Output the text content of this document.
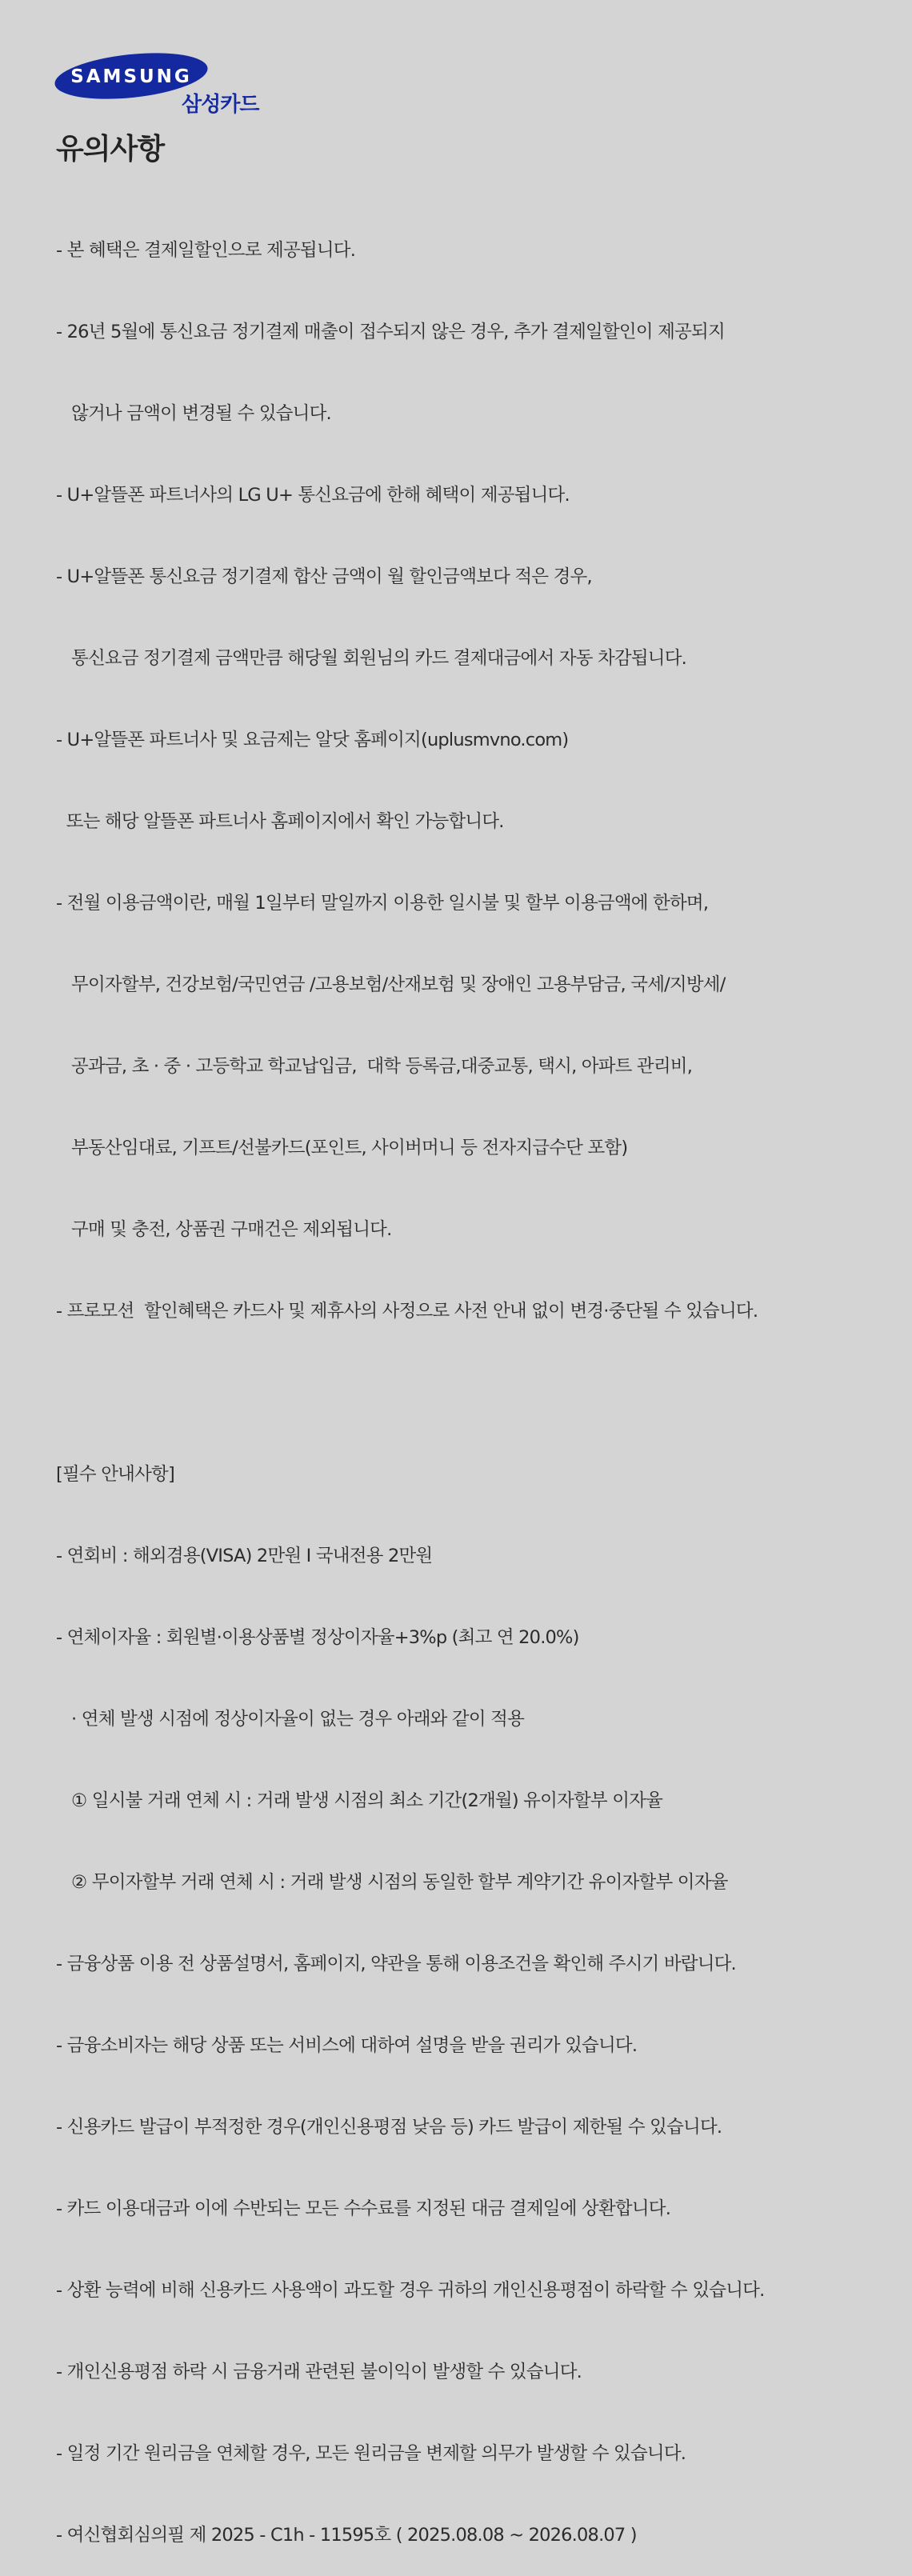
SAMSUNG
삼성카드
유의사항

- 본 혜택은 결제일할인으로 제공됩니다.

- 26년 5월에 통신요금 정기결제 매출이 접수되지 않은 경우, 추가 결제일할인이 제공되지

않거나 금액이 변경될 수 있습니다.

- U+알뜰폰 파트너사의 LG U+ 통신요금에 한해 혜택이 제공됩니다.

- U+알뜰폰 통신요금 정기결제 합산 금액이 월 할인금액보다 적은 경우,

통신요금 정기결제 금액만큼 해당월 회원님의 카드 결제대금에서 자동 차감됩니다.

- U+알뜰폰 파트너사 및 요금제는 알닷 홈페이지(uplusmvno.com)

또는 해당 알뜰폰 파트너사 홈페이지에서 확인 가능합니다.

- 전월 이용금액이란, 매월 1일부터 말일까지 이용한 일시불 및 할부 이용금액에 한하며,

무이자할부, 건강보험/국민연금 /고용보험/산재보험 및 장애인 고용부담금, 국세/지방세/

공과금, 초 · 중 · 고등학교 학교납입금,  대학 등록금,대중교통, 택시, 아파트 관리비,

부동산임대료, 기프트/선불카드(포인트, 사이버머니 등 전자지급수단 포함)

구매 및 충전, 상품권 구매건은 제외됩니다.

- 프로모션  할인혜택은 카드사 및 제휴사의 사정으로 사전 안내 없이 변경·중단될 수 있습니다.

[필수 안내사항]

- 연회비 : 해외겸용(VISA) 2만원 I 국내전용 2만원

- 연체이자율 : 회원별·이용상품별 정상이자율+3%p (최고 연 20.0%)

· 연체 발생 시점에 정상이자율이 없는 경우 아래와 같이 적용

① 일시불 거래 연체 시 : 거래 발생 시점의 최소 기간(2개월) 유이자할부 이자율

② 무이자할부 거래 연체 시 : 거래 발생 시점의 동일한 할부 계약기간 유이자할부 이자율

- 금융상품 이용 전 상품설명서, 홈페이지, 약관을 통해 이용조건을 확인해 주시기 바랍니다.

- 금융소비자는 해당 상품 또는 서비스에 대하여 설명을 받을 권리가 있습니다.

- 신용카드 발급이 부적정한 경우(개인신용평점 낮음 등) 카드 발급이 제한될 수 있습니다.

- 카드 이용대금과 이에 수반되는 모든 수수료를 지정된 대금 결제일에 상환합니다.

- 상환 능력에 비해 신용카드 사용액이 과도할 경우 귀하의 개인신용평점이 하락할 수 있습니다.

- 개인신용평점 하락 시 금융거래 관련된 불이익이 발생할 수 있습니다.

- 일정 기간 원리금을 연체할 경우, 모든 원리금을 변제할 의무가 발생할 수 있습니다.

- 여신협회심의필 제 2025 - C1h - 11595호 ( 2025.08.08 ~ 2026.08.07 )
